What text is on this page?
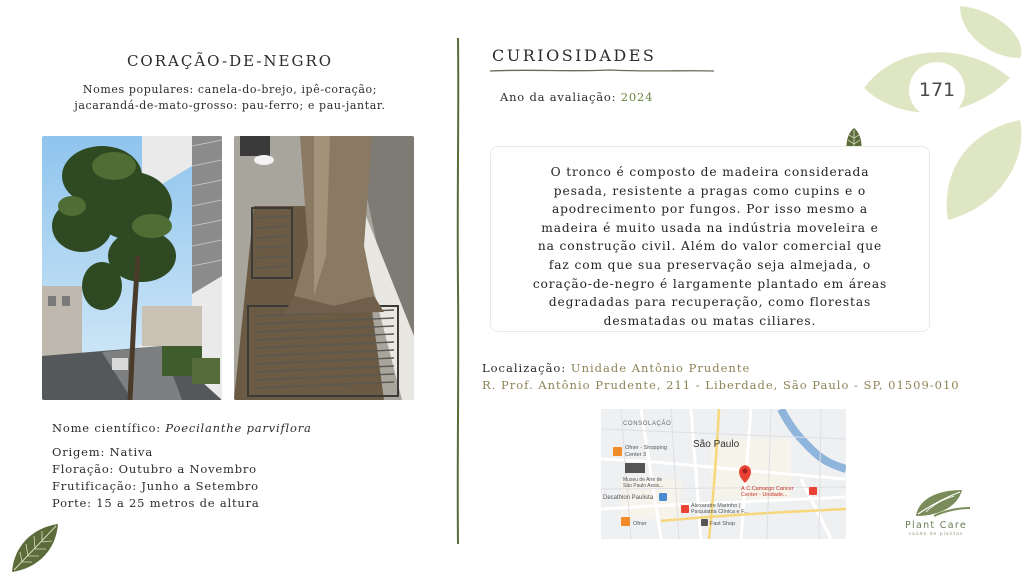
171
CORAÇÃO-DE-NEGRO
Nomes populares: canela-do-brejo, ipê-coração;
jacarandá-de-mato-grosso: pau-ferro; e pau-jantar.
Nome científico: Poecilanthe parviflora
Origem: Nativa
Floração: Outubro a Novembro
Frutificação: Junho a Setembro
Porte: 15 a 25 metros de altura
CURIOSIDADES
Ano da avaliação: 2024
O tronco é composto de madeira considerada
pesada, resistente a pragas como cupins e o
apodrecimento por fungos. Por isso mesmo a
madeira é muito usada na indústria moveleira e
na construção civil. Além do valor comercial que
faz com que sua preservação seja almejada, o
coração-de-negro é largamente plantado em áreas
degradadas para recuperação, como florestas
desmatadas ou matas ciliares.
Localização: Unidade Antônio Prudente
R. Prof. Antônio Prudente, 211 - Liberdade, São Paulo - SP, 01509-010
CONSOLAÇÃO
São Paulo
Ofner - Shopping
Center 3
Museu de Arte de
São Paulo Assis...
Decathlon Paulista
Alexandre Marinho |
Psiquiatria Clínica e F...
Ofner	Fast Shop
A.C.Camargo Cancer
Center - Unidade...
Plant Care
saúde de plantas
